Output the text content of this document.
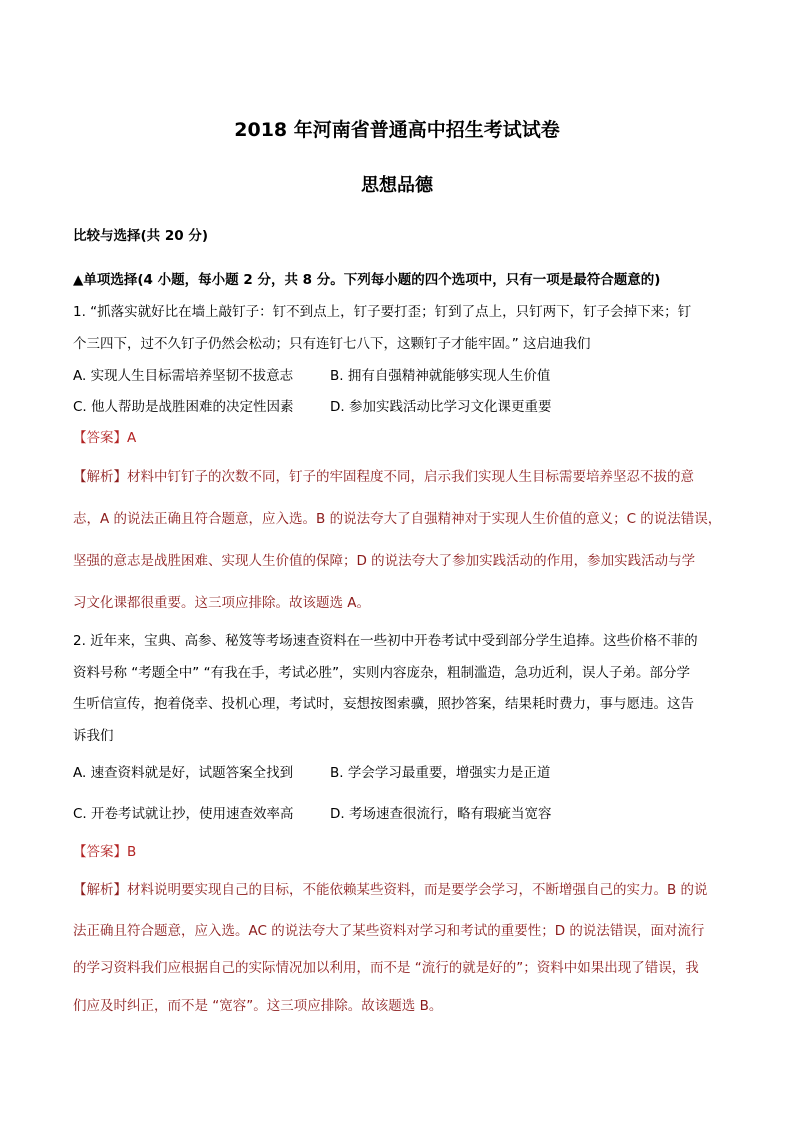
2018 年河南省普通高中招生考试试卷
思想品德
比较与选择(共 20 分)
▲单项选择(4 小题，每小题 2 分，共 8 分。下列每小题的四个选项中，只有一项是最符合题意的)
1. “抓落实就好比在墙上敲钉子：钉不到点上，钉子要打歪；钉到了点上，只钉两下，钉子会掉下来；钉
个三四下，过不久钉子仍然会松动；只有连钉七八下，这颗钉子才能牢固。” 这启迪我们
A. 实现人生目标需培养坚韧不拔意志	B. 拥有自强精神就能够实现人生价值
C. 他人帮助是战胜困难的决定性因素	D. 参加实践活动比学习文化课更重要
【答案】A
【解析】材料中钉钉子的次数不同，钉子的牢固程度不同，启示我们实现人生目标需要培养坚忍不拔的意
志，A 的说法正确且符合题意，应入选。B 的说法夸大了自强精神对于实现人生价值的意义；C 的说法错误，
坚强的意志是战胜困难、实现人生价值的保障；D 的说法夸大了参加实践活动的作用，参加实践活动与学
习文化课都很重要。这三项应排除。故该题选 A。
2. 近年来，宝典、高参、秘笈等考场速查资料在一些初中开卷考试中受到部分学生追捧。这些价格不菲的
资料号称 “考题全中” “有我在手，考试必胜”，实则内容庞杂，粗制滥造，急功近利，误人子弟。部分学
生听信宣传，抱着侥幸、投机心理，考试时，妄想按图索骥，照抄答案，结果耗时费力，事与愿违。这告
诉我们
A. 速查资料就是好，试题答案全找到	B. 学会学习最重要，增强实力是正道
C. 开卷考试就让抄，使用速查效率高	D. 考场速查很流行，略有瑕疵当宽容
【答案】B
【解析】材料说明要实现自己的目标，不能依赖某些资料，而是要学会学习，不断增强自己的实力。B 的说
法正确且符合题意，应入选。AC 的说法夸大了某些资料对学习和考试的重要性；D 的说法错误，面对流行
的学习资料我们应根据自己的实际情况加以利用，而不是 “流行的就是好的”；资料中如果出现了错误，我
们应及时纠正，而不是 “宽容”。这三项应排除。故该题选 B。
